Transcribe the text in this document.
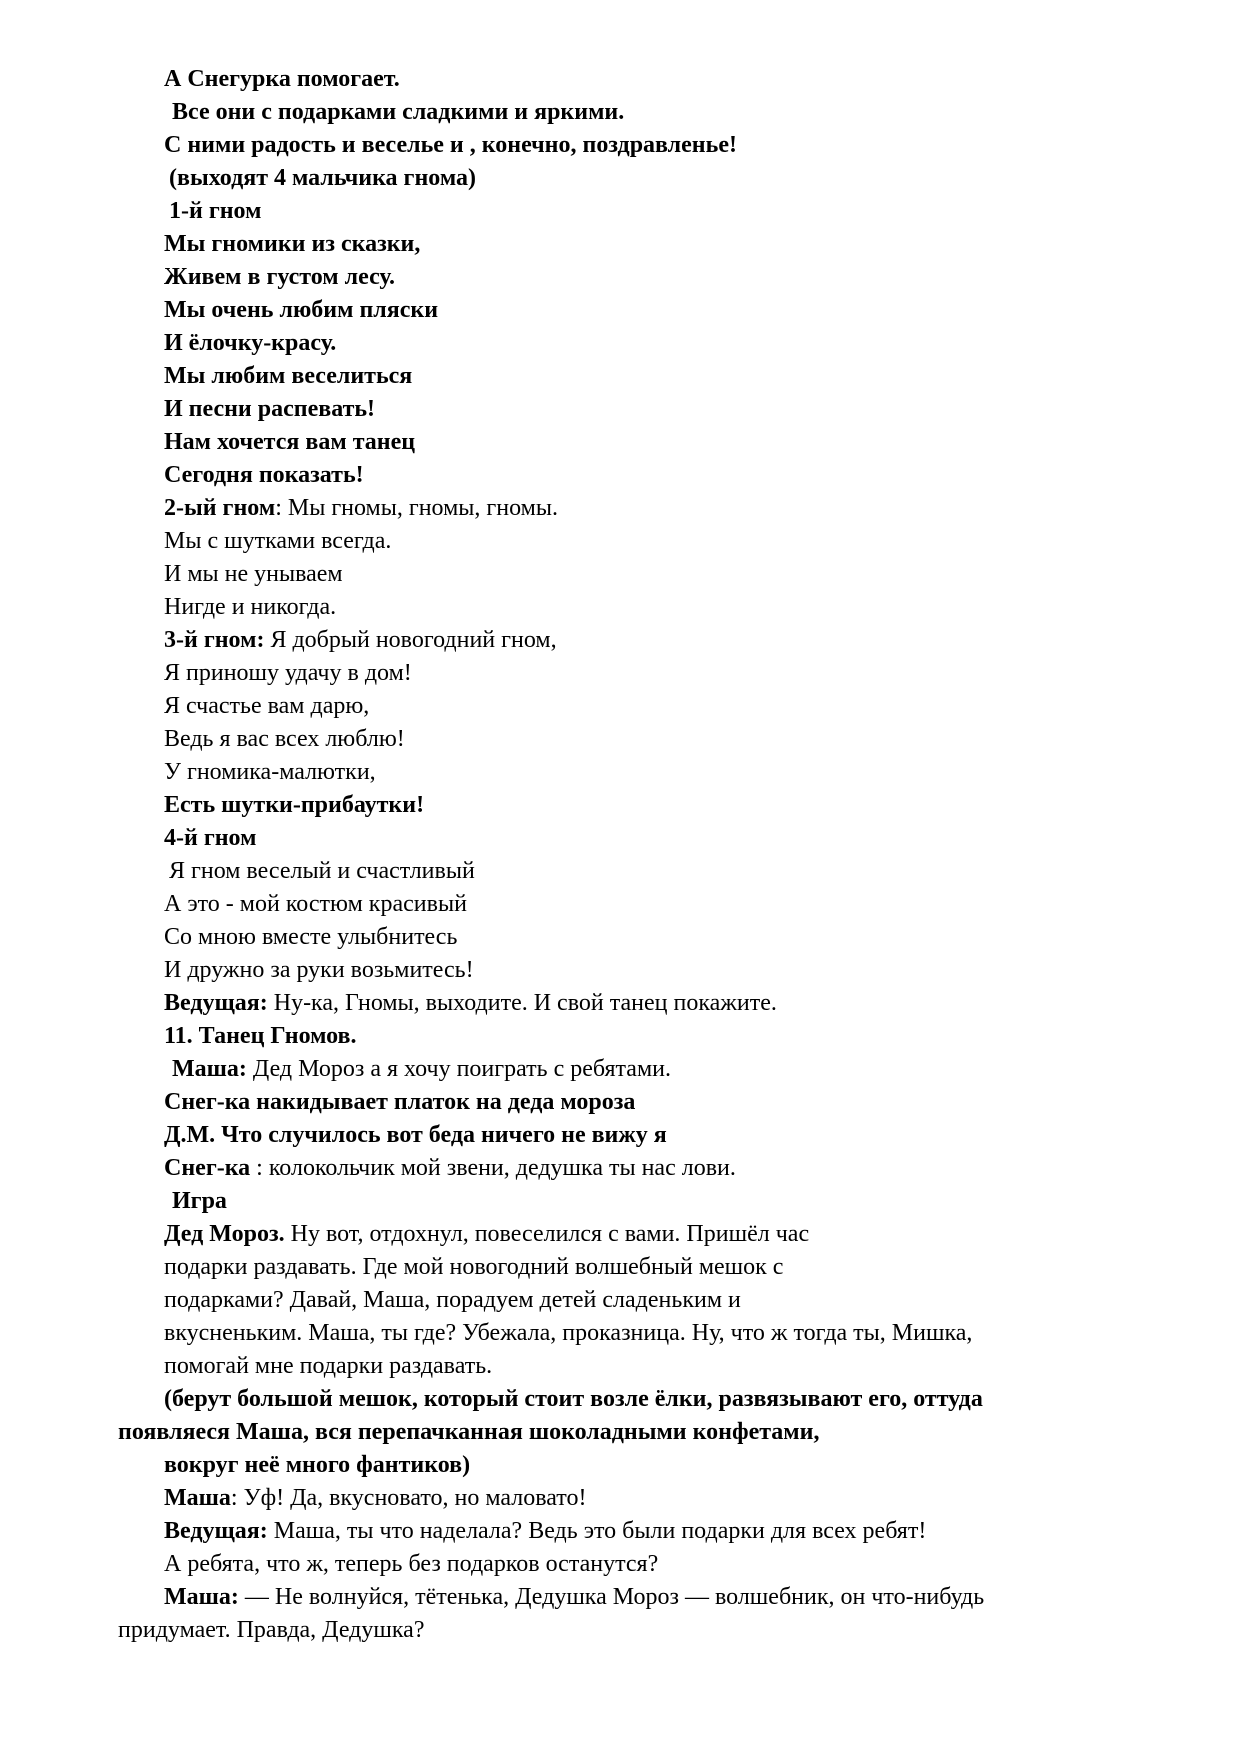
А Снегурка помогает.
Все они с подарками сладкими и яркими.
С ними радость и веселье и , конечно, поздравленье!
(выходят 4 мальчика гнома)
1-й гном
Мы гномики из сказки,
Живем в густом лесу.
Мы очень любим пляски
И ёлочку-красу.
Мы любим веселиться
И песни распевать!
Нам хочется вам танец
Сегодня показать!
2-ый гном: Мы гномы, гномы, гномы.
Мы с шутками всегда.
И мы не унываем
Нигде и никогда.
3-й гном: Я добрый новогодний гном,
Я приношу удачу в дом!
Я счастье вам дарю,
Ведь я вас всех люблю!
У гномика-малютки,
Есть шутки-прибаутки!
4-й гном
Я гном веселый и счастливый
А это - мой костюм красивый
Со мною вместе улыбнитесь
И дружно за руки возьмитесь!
Ведущая: Ну-ка, Гномы, выходите. И свой танец покажите.
11. Танец Гномов.
Маша: Дед Мороз а я хочу поиграть с ребятами.
Снег-ка накидывает платок на деда мороза
Д.М. Что случилось вот беда ничего не вижу я
Снег-ка : колокольчик мой звени, дедушка ты нас лови.
Игра
Дед Мороз. Ну вот, отдохнул, повеселился с вами. Пришёл час
подарки раздавать. Где мой новогодний волшебный мешок с
подарками? Давай, Маша, порадуем детей сладеньким и
вкусненьким. Маша, ты где? Убежала, проказница. Ну, что ж тогда ты, Мишка,
помогай мне подарки раздавать.
(берут большой мешок, который стоит возле ёлки, развязывают его, оттуда
появляеся Маша, вся перепачканная шоколадными конфетами,
вокруг неё много фантиков)
Маша: Уф! Да, вкусновато, но маловато!
Ведущая: Маша, ты что наделала? Ведь это были подарки для всех ребят!
А ребята, что ж, теперь без подарков останутся?
Маша: — Не волнуйся, тётенька, Дедушка Мороз — волшебник, он что-нибудь
придумает. Правда, Дедушка?
